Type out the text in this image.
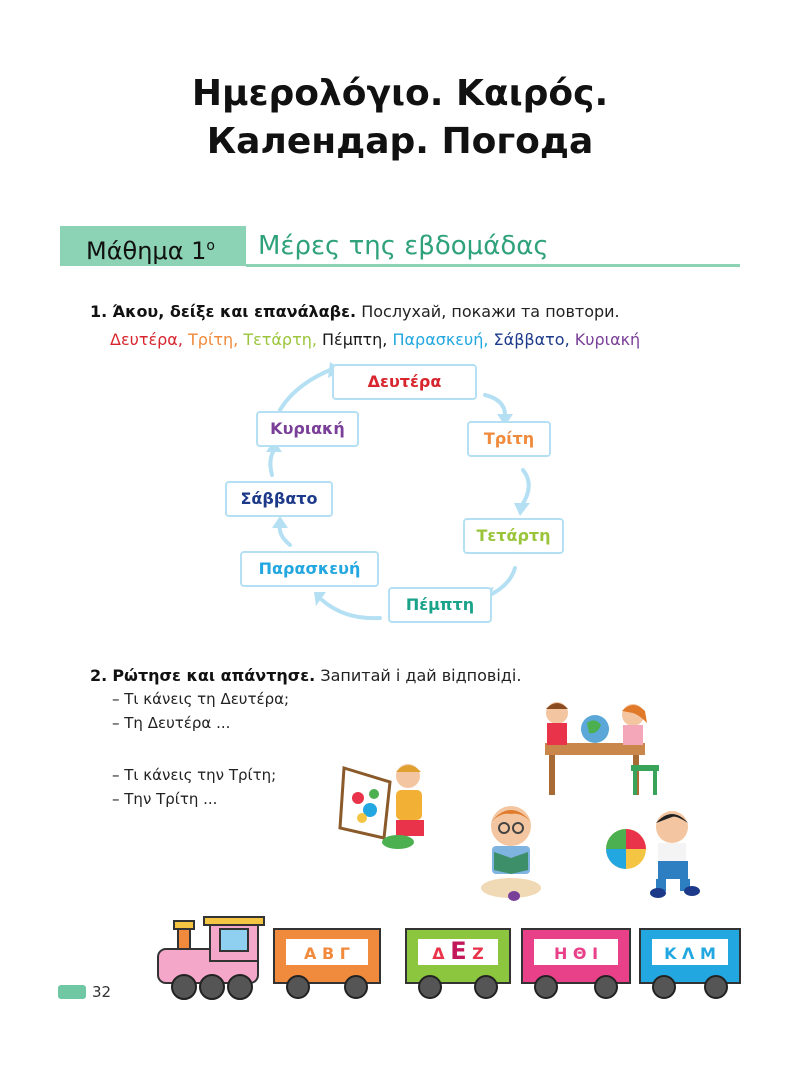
Ημερολόγιο. Καιρός.
Календар. Погода
Μάθημα $1^o$	Μέρες της εβδομάδας
1. Άκου, δείξε και επανάλαβε. Послухай, покажи та повтори.
Δευτέρα, Τρίτη, Τετάρτη, Πέμπτη, Παρασκευή, Σάββατο, Κυριακή
Δευτέρα
Τρίτη
Τετάρτη
Πέμπτη
Παρασκευή
Σάββατο
Κυριακή
2. Ρώτησε και απάντησε. Запитай і дай відповіді.
– Τι κάνεις τη Δευτέρα;
– Τη Δευτέρα ...
– Τι κάνεις την Τρίτη;
– Την Τρίτη ...
Α Β Γ	Δ Ε Ζ	Η Θ Ι	Κ Λ Μ
32
